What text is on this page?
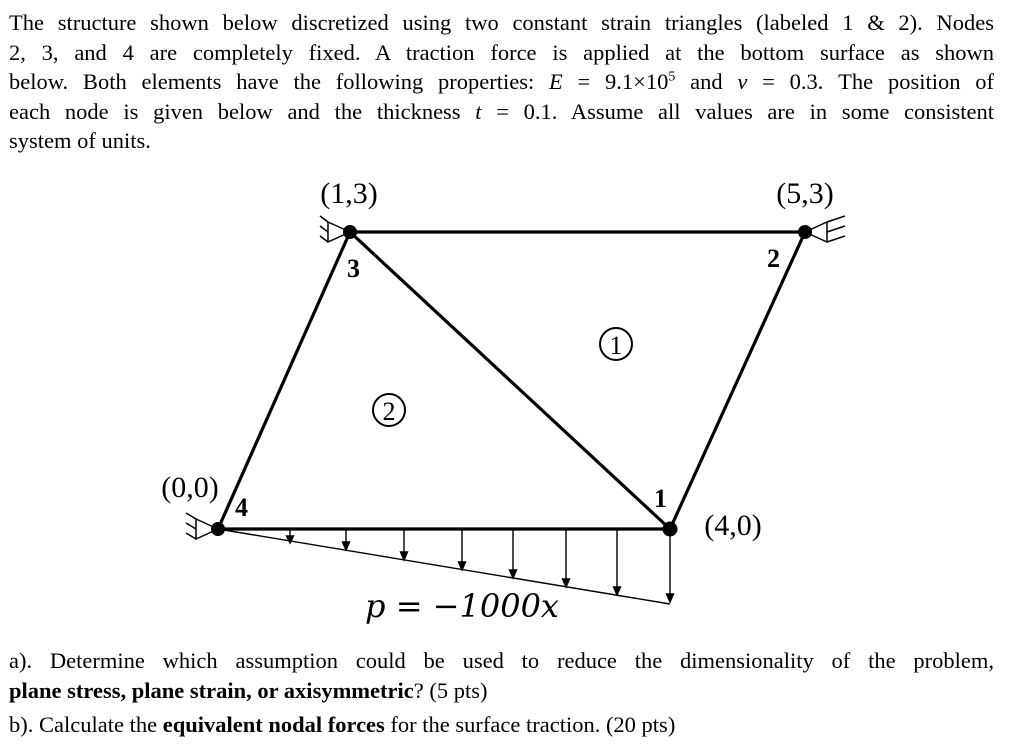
The structure shown below discretized using two constant strain triangles (labeled 1 & 2). Nodes
2, 3, and 4 are completely fixed. A traction force is applied at the bottom surface as shown
below. Both elements have the following properties: $E = 9.1\times 10^5$ and ν = 0.3. The position of
each node is given below and the thickness t = 0.1. Assume all values are in some consistent
system of units.
(1,3)	(5,3)
(0,0)
(4,0)
3	2
4	1
1
2
p = −1000x
a). Determine which assumption could be used to reduce the dimensionality of the problem,
plane stress, plane strain, or axisymmetric? (5 pts)
b). Calculate the equivalent nodal forces for the surface traction. (20 pts)
